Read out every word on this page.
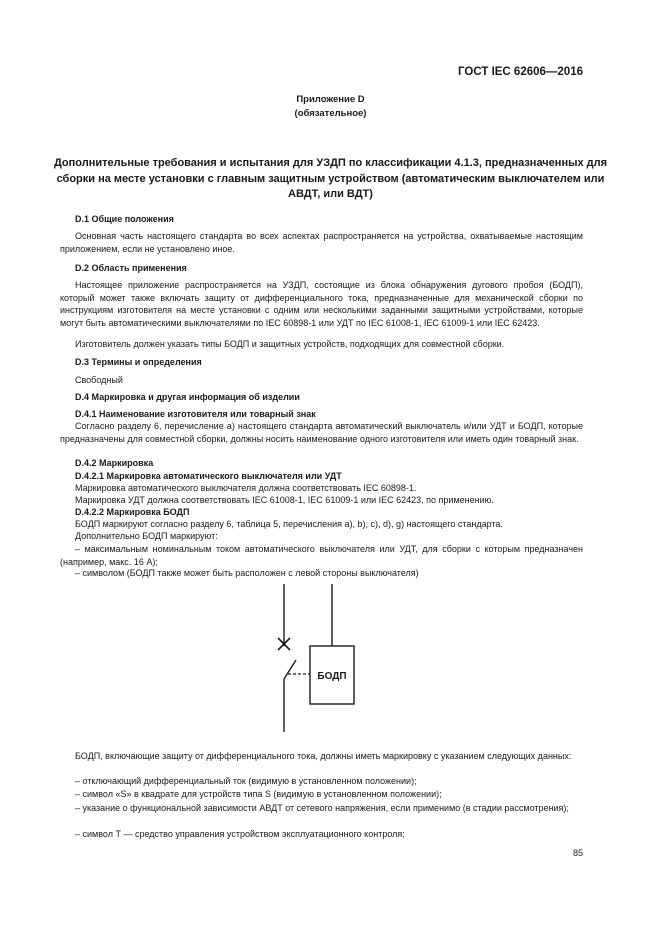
ГОСТ IEC 62606—2016
Приложение D
(обязательное)
Дополнительные требования и испытания для УЗДП по классификации 4.1.3, предназначенных для сборки на месте установки с главным защитным устройством (автоматическим выключателем или АВДТ, или ВДТ)
D.1 Общие положения
Основная часть настоящего стандарта во всех аспектах распространяется на устройства, охватываемые настоящим приложением, если не установлено иное.
D.2 Область применения
Настоящее приложение распространяется на УЗДП, состоящие из блока обнаружения дугового пробоя (БОДП), который может также включать защиту от дифференциального тока, предназначенные для механической сборки по инструкциям изготовителя на месте установки с одним или несколькими заданными защитными устройствами, которые могут быть автоматическими выключателями по IEC 60898-1 или УДТ по IEC 61008-1, IEC 61009-1 или IEC 62423.
Изготовитель должен указать типы БОДП и защитных устройств, подходящих для совместной сборки.
D.3 Термины и определения
Свободный
D.4 Маркировка и другая информация об изделии
D.4.1 Наименование изготовителя или товарный знак
Согласно разделу 6, перечисление а) настоящего стандарта автоматический выключатель и/или УДТ и БОДП, которые предназначены для совместной сборки, должны носить наименование одного изготовителя или иметь один товарный знак.
D.4.2 Маркировка
D.4.2.1 Маркировка автоматического выключателя или УДТ
Маркировка автоматического выключателя должна соответствовать IEC 60898-1.
Маркировка УДТ должна соответствовать IEC 61008-1, IEC 61009-1 или IEC 62423, по применению.
D.4.2.2 Маркировка БОДП
БОДП маркируют согласно разделу 6, таблица 5, перечисления а), b), c), d), g) настоящего стандарта.
Дополнительно БОДП маркируют:
– максимальным номинальным током автоматического выключателя или УДТ, для сборки с которым предназначен (например, макс. 16 А);
– символом (БОДП также может быть расположен с левой стороны выключателя)
БОДП
БОДП, включающие защиту от дифференциального тока, должны иметь маркировку с указанием следующих данных:
– отключающий дифференциальный ток (видимую в установленном положении);
– символ «S» в квадрате для устройств типа S (видимую в установленном положении);
– указание о функциональной зависимости АВДТ от сетевого напряжения, если применимо (в стадии рассмотрения);
– символ Т — средство управления устройством эксплуатационного контроля;
85
